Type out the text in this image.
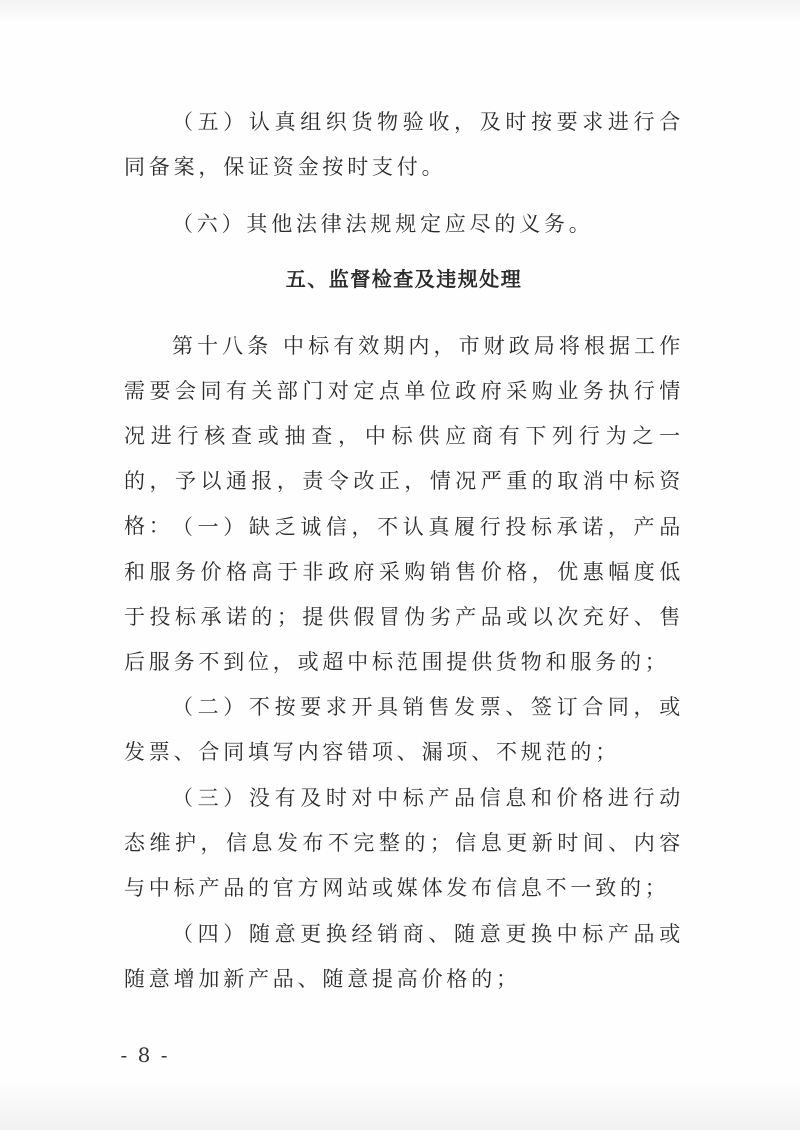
（五）认真组织货物验收，及时按要求进行合同备案，保证资金按时支付。

（六）其他法律法规规定应尽的义务。

五、监督检查及违规处理

第十八条 中标有效期内，市财政局将根据工作需要会同有关部门对定点单位政府采购业务执行情况进行核查或抽查，中标供应商有下列行为之一的，予以通报，责令改正，情况严重的取消中标资格：

（一）缺乏诚信，不认真履行投标承诺，产品和服务价格高于非政府采购销售价格，优惠幅度低于投标承诺的；提供假冒伪劣产品或以次充好、售后服务不到位，或超中标范围提供货物和服务的；

（二）不按要求开具销售发票、签订合同，或发票、合同填写内容错项、漏项、不规范的；

（三）没有及时对中标产品信息和价格进行动态维护，信息发布不完整的；信息更新时间、内容与中标产品的官方网站或媒体发布信息不一致的；

（四）随意更换经销商、随意更换中标产品或随意增加新产品、随意提高价格的；

- 8 -
